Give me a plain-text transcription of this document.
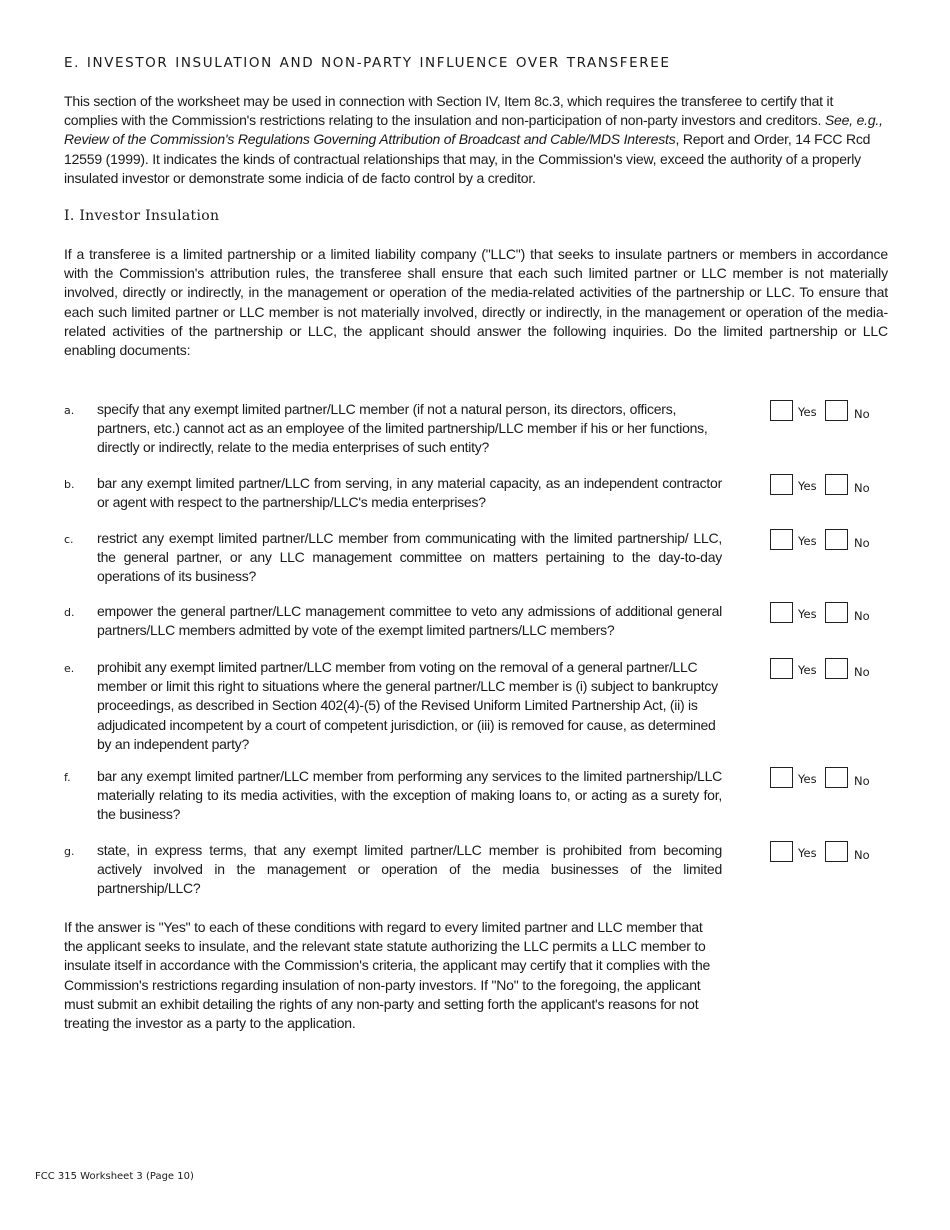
E. INVESTOR INSULATION AND NON-PARTY INFLUENCE OVER TRANSFEREE
This section of the worksheet may be used in connection with Section IV, Item 8c.3, which requires the transferee to certify that it complies with the Commission's restrictions relating to the insulation and non-participation of non-party investors and creditors. See, e.g., Review of the Commission's Regulations Governing Attribution of Broadcast and Cable/MDS Interests, Report and Order, 14 FCC Rcd 12559 (1999). It indicates the kinds of contractual relationships that may, in the Commission's view, exceed the authority of a properly insulated investor or demonstrate some indicia of de facto control by a creditor.
I. Investor Insulation
If a transferee is a limited partnership or a limited liability company ("LLC") that seeks to insulate partners or members in accordance with the Commission's attribution rules, the transferee shall ensure that each such limited partner or LLC member is not materially involved, directly or indirectly, in the management or operation of the media-related activities of the partnership or LLC. To ensure that each such limited partner or LLC member is not materially involved, directly or indirectly, in the management or operation of the media-related activities of the partnership or LLC, the applicant should answer the following inquiries. Do the limited partnership or LLC enabling documents:
a. specify that any exempt limited partner/LLC member (if not a natural person, its directors, officers, partners, etc.) cannot act as an employee of the limited partnership/LLC member if his or her functions, directly or indirectly, relate to the media enterprises of such entity?
Yes	No
b. bar any exempt limited partner/LLC from serving, in any material capacity, as an independent contractor or agent with respect to the partnership/LLC's media enterprises?
Yes	No
c. restrict any exempt limited partner/LLC member from communicating with the limited partnership/ LLC, the general partner, or any LLC management committee on matters pertaining to the day-to-day operations of its business?
Yes	No
d. empower the general partner/LLC management committee to veto any admissions of additional general partners/LLC members admitted by vote of the exempt limited partners/LLC members?
Yes	No
e. prohibit any exempt limited partner/LLC member from voting on the removal of a general partner/LLC member or limit this right to situations where the general partner/LLC member is (i) subject to bankruptcy proceedings, as described in Section 402(4)-(5) of the Revised Uniform Limited Partnership Act, (ii) is adjudicated incompetent by a court of competent jurisdiction, or (iii) is removed for cause, as determined by an independent party?
Yes	No
f. bar any exempt limited partner/LLC member from performing any services to the limited partnership/LLC materially relating to its media activities, with the exception of making loans to, or acting as a surety for, the business?
Yes	No
g. state, in express terms, that any exempt limited partner/LLC member is prohibited from becoming actively involved in the management or operation of the media businesses of the limited partnership/LLC?
Yes	No
If the answer is "Yes" to each of these conditions with regard to every limited partner and LLC member that the applicant seeks to insulate, and the relevant state statute authorizing the LLC permits a LLC member to insulate itself in accordance with the Commission's criteria, the applicant may certify that it complies with the Commission's restrictions regarding insulation of non-party investors. If "No" to the foregoing, the applicant must submit an exhibit detailing the rights of any non-party and setting forth the applicant's reasons for not treating the investor as a party to the application.
FCC 315 Worksheet 3 (Page 10)
